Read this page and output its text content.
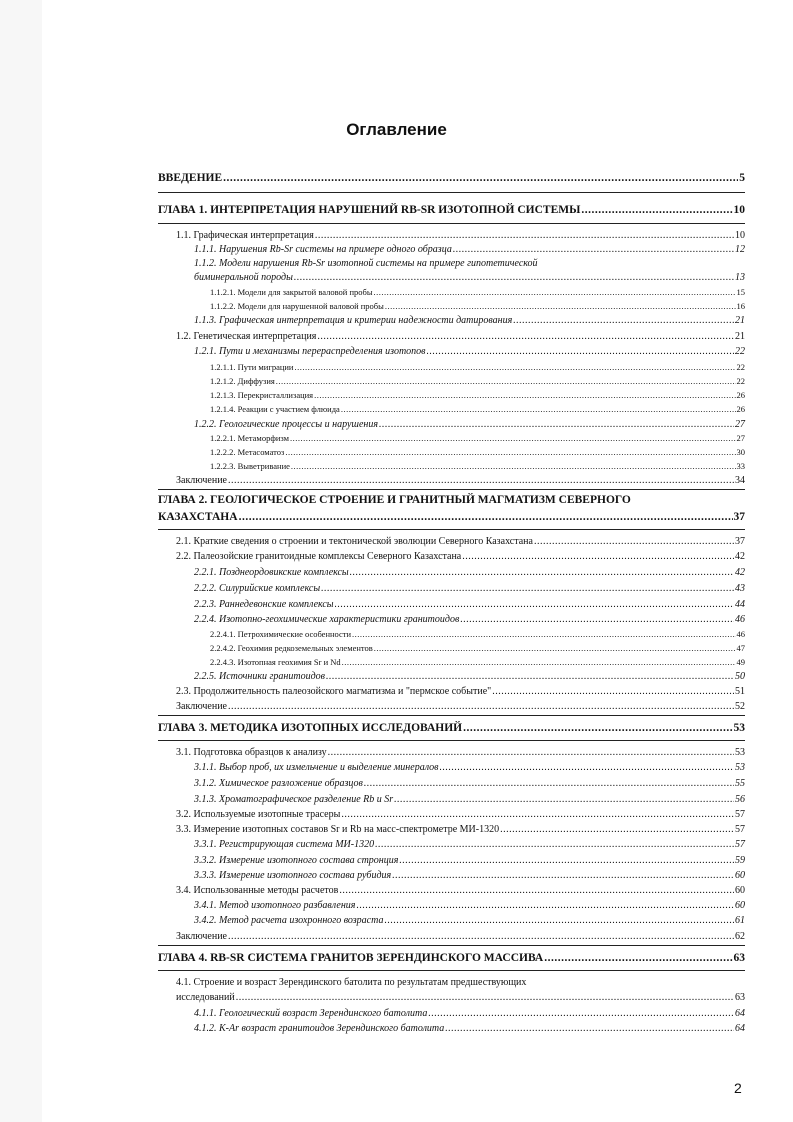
Оглавление
ВВЕДЕНИЕ .....	5
ГЛАВА 1. ИНТЕРПРЕТАЦИЯ НАРУШЕНИЙ RB-SR ИЗОТОПНОЙ СИСТЕМЫ .....	10
1.1. Графическая интерпретация .....	10
1.1.1. Нарушения Rb-Sr системы на примере одного образца .....	12
1.1.2. Модели нарушения Rb-Sr изотопной системы на примере гипотетической
биминеральной породы .....	13
1.1.2.1. Модели для закрытой валовой пробы .....	15
1.1.2.2. Модели для нарушенной валовой пробы .....	16
1.1.3. Графическая интерпретация и критерии надежности датирования .....	21
1.2. Генетическая интерпретация .....	21
1.2.1. Пути и механизмы перераспределения изотопов .....	22
1.2.1.1. Пути миграции .....	22
1.2.1.2. Диффузия .....	22
1.2.1.3. Перекристаллизация .....	26
1.2.1.4. Реакции с участием флюида .....	26
1.2.2. Геологические процессы и нарушения .....	27
1.2.2.1. Метаморфизм .....	27
1.2.2.2. Метасоматоз .....	30
1.2.2.3. Выветривание .....	33
Заключение .....	34
ГЛАВА 2. ГЕОЛОГИЧЕСКОЕ СТРОЕНИЕ И ГРАНИТНЫЙ МАГМАТИЗМ СЕВЕРНОГО
КАЗАХСТАНА .....	37
2.1. Краткие сведения о строении и тектонической эволюции Северного Казахстана .....	37
2.2. Палеозойские гранитоидные комплексы Северного Казахстана .....	42
2.2.1. Позднеордовикские комплексы .....	42
2.2.2. Силурийские комплексы .....	43
2.2.3. Раннедевонские комплексы .....	44
2.2.4. Изотопно-геохимические характеристики гранитоидов .....	46
2.2.4.1. Петрохимические особенности .....	46
2.2.4.2. Геохимия редкоземельных элементов .....	47
2.2.4.3. Изотопная геохимия Sr и Nd .....	49
2.2.5. Источники гранитоидов .....	50
2.3. Продолжительность палеозойского магматизма и "пермское событие" .....	51
Заключение .....	52
ГЛАВА 3. МЕТОДИКА ИЗОТОПНЫХ ИССЛЕДОВАНИЙ .....	53
3.1. Подготовка образцов к анализу .....	53
3.1.1. Выбор проб, их измельчение и выделение минералов .....	53
3.1.2. Химическое разложение образцов .....	55
3.1.3. Хроматографическое разделение Rb и Sr .....	56
3.2. Используемые изотопные трасеры .....	57
3.3. Измерение изотопных составов Sr и Rb на масс-спектрометре МИ-1320 .....	57
3.3.1. Регистрирующая система МИ-1320 .....	57
3.3.2. Измерение изотопного состава стронция .....	59
3.3.3. Измерение изотопного состава рубидия .....	60
3.4. Использованные методы расчетов .....	60
3.4.1. Метод изотопного разбавления .....	60
3.4.2. Метод расчета изохронного возраста .....	61
Заключение .....	62
ГЛАВА 4. RB-SR СИСТЕМА ГРАНИТОВ ЗЕРЕНДИНСКОГО МАССИВА .....	63
4.1. Строение и возраст Зерендинского батолита по результатам предшествующих
исследований .....	63
4.1.1. Геологический возраст Зерендинского батолита .....	64
4.1.2. K-Ar возраст гранитоидов Зерендинского батолита .....	64
2
